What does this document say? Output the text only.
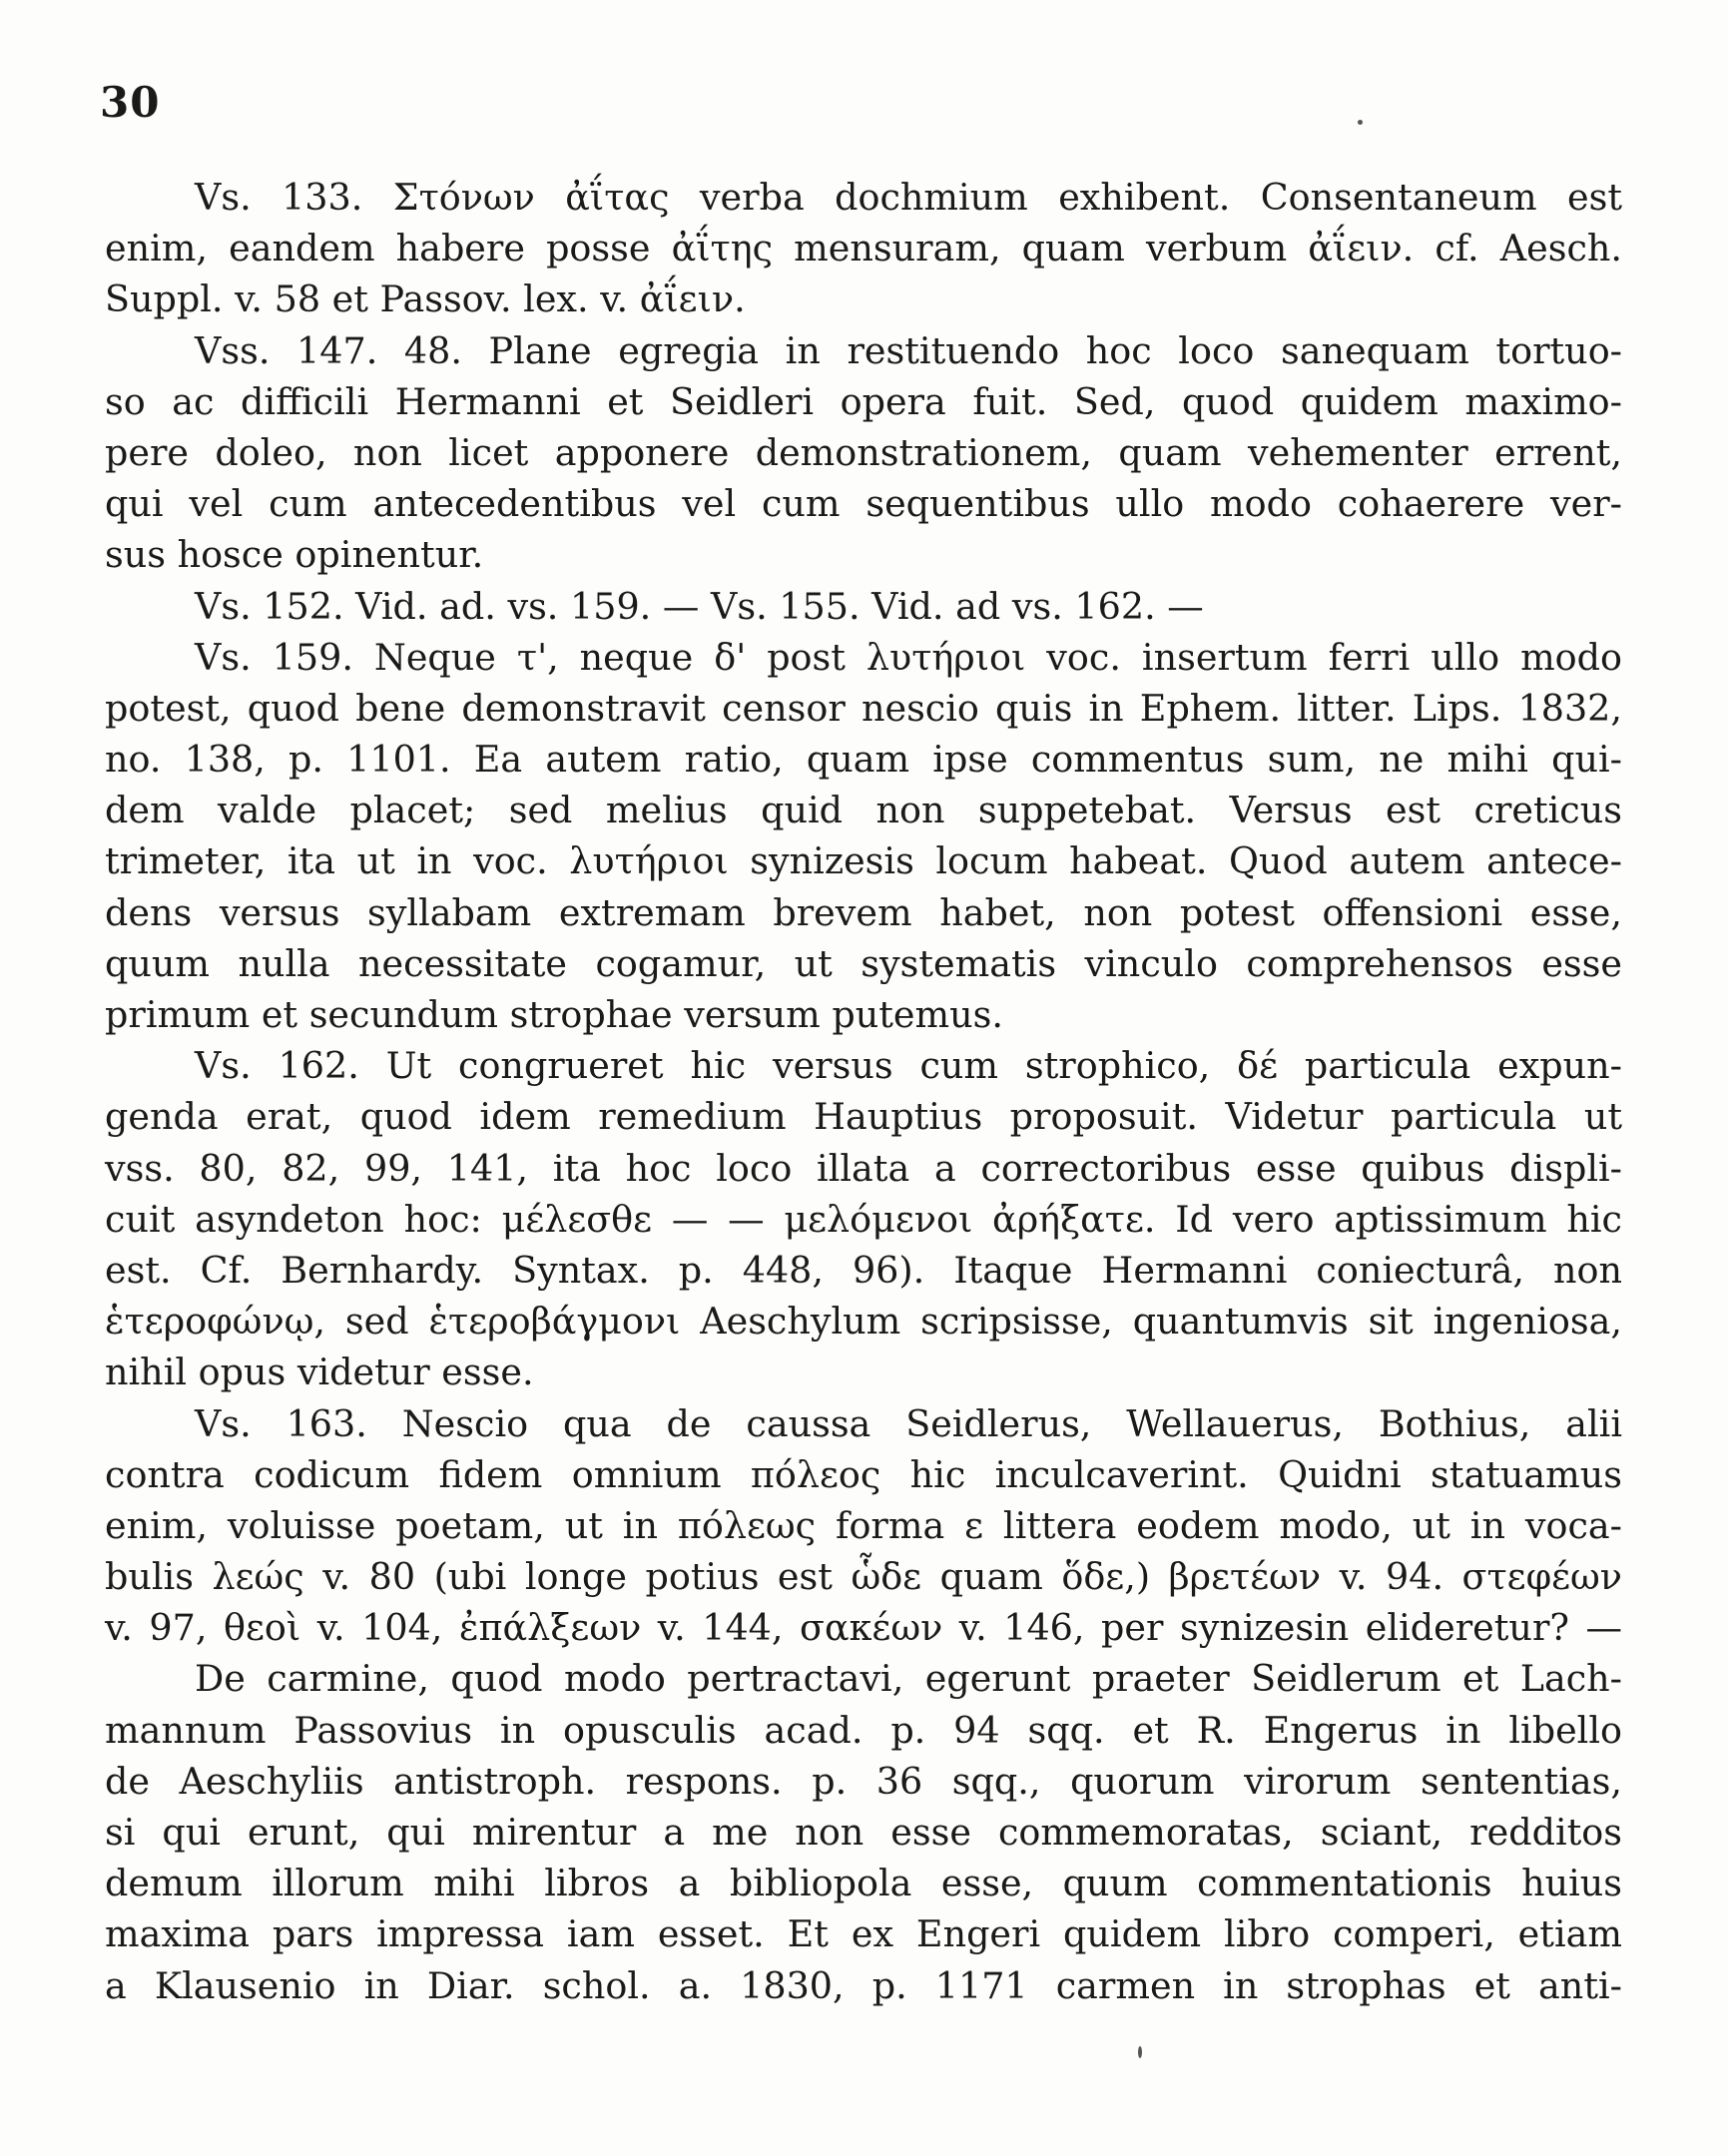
30
Vs. 133. Στόνων ἀΐτας verba dochmium exhibent. Consentaneum est
enim, eandem habere posse ἀΐτης mensuram, quam verbum ἀΐειν. cf. Aesch.
Suppl. v. 58 et Passov. lex. v. ἀΐειν.
Vss. 147. 48. Plane egregia in restituendo hoc loco sanequam tortuo-
so ac difficili Hermanni et Seidleri opera fuit. Sed, quod quidem maximo-
pere doleo, non licet apponere demonstrationem, quam vehementer errent,
qui vel cum antecedentibus vel cum sequentibus ullo modo cohaerere ver-
sus hosce opinentur.
Vs. 152. Vid. ad. vs. 159. — Vs. 155. Vid. ad vs. 162. —
Vs. 159. Neque τ', neque δ' post λυτήριοι voc. insertum ferri ullo modo
potest, quod bene demonstravit censor nescio quis in Ephem. litter. Lips. 1832,
no. 138, p. 1101. Ea autem ratio, quam ipse commentus sum, ne mihi qui-
dem valde placet; sed melius quid non suppetebat. Versus est creticus
trimeter, ita ut in voc. λυτήριοι synizesis locum habeat. Quod autem antece-
dens versus syllabam extremam brevem habet, non potest offensioni esse,
quum nulla necessitate cogamur, ut systematis vinculo comprehensos esse
primum et secundum strophae versum putemus.
Vs. 162. Ut congrueret hic versus cum strophico, δέ particula expun-
genda erat, quod idem remedium Hauptius proposuit. Videtur particula ut
vss. 80, 82, 99, 141, ita hoc loco illata a correctoribus esse quibus displi-
cuit asyndeton hoc: μέλεσθε — — μελόμενοι ἀρήξατε. Id vero aptissimum hic
est. Cf. Bernhardy. Syntax. p. 448, 96). Itaque Hermanni coniecturâ, non
ἑτεροφώνῳ, sed ἑτεροβάγμονι Aeschylum scripsisse, quantumvis sit ingeniosa,
nihil opus videtur esse.
Vs. 163. Nescio qua de caussa Seidlerus, Wellauerus, Bothius, alii
contra codicum fidem omnium πόλεος hic inculcaverint. Quidni statuamus
enim, voluisse poetam, ut in πόλεως forma ε littera eodem modo, ut in voca-
bulis λεώς v. 80 (ubi longe potius est ὧδε quam ὅδε,) βρετέων v. 94. στεφέων
v. 97, θεοὶ v. 104, ἐπάλξεων v. 144, σακέων v. 146, per synizesin elideretur? —
De carmine, quod modo pertractavi, egerunt praeter Seidlerum et Lach-
mannum Passovius in opusculis acad. p. 94 sqq. et R. Engerus in libello
de Aeschyliis antistroph. respons. p. 36 sqq., quorum virorum sententias,
si qui erunt, qui mirentur a me non esse commemoratas, sciant, redditos
demum illorum mihi libros a bibliopola esse, quum commentationis huius
maxima pars impressa iam esset. Et ex Engeri quidem libro comperi, etiam
a Klausenio in Diar. schol. a. 1830, p. 1171 carmen in strophas et anti-
